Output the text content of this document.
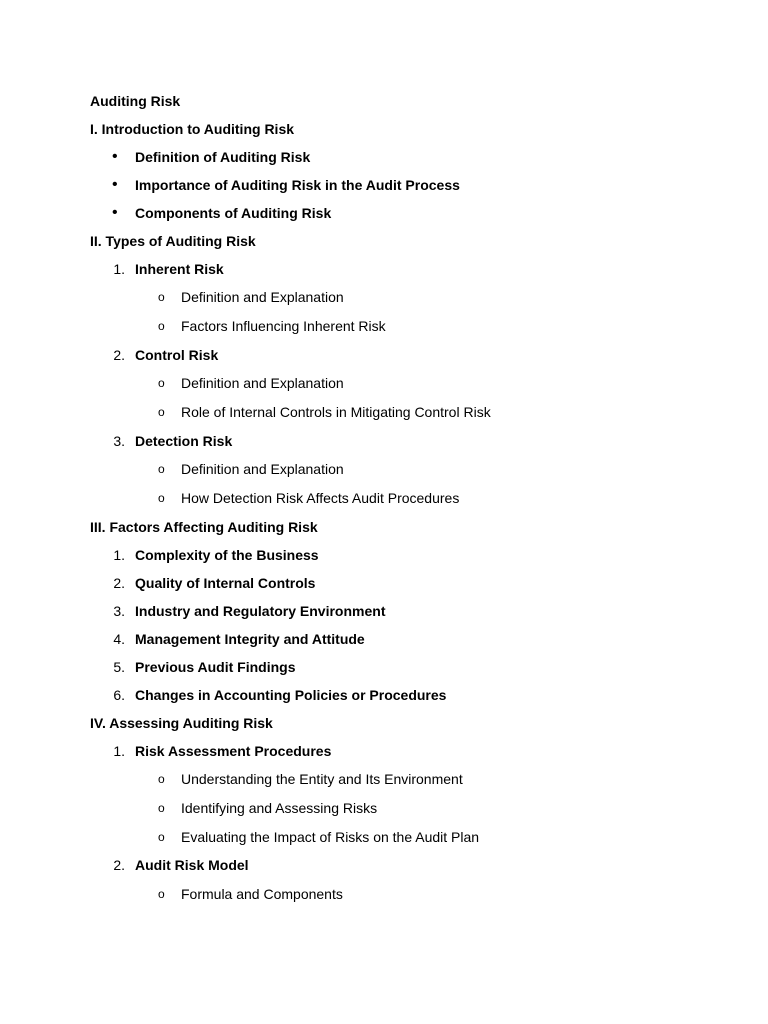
Auditing Risk
I. Introduction to Auditing Risk
• Definition of Auditing Risk
• Importance of Auditing Risk in the Audit Process
• Components of Auditing Risk
II. Types of Auditing Risk
1. Inherent Risk
o Definition and Explanation
o Factors Influencing Inherent Risk
2. Control Risk
o Definition and Explanation
o Role of Internal Controls in Mitigating Control Risk
3. Detection Risk
o Definition and Explanation
o How Detection Risk Affects Audit Procedures
III. Factors Affecting Auditing Risk
1. Complexity of the Business
2. Quality of Internal Controls
3. Industry and Regulatory Environment
4. Management Integrity and Attitude
5. Previous Audit Findings
6. Changes in Accounting Policies or Procedures
IV. Assessing Auditing Risk
1. Risk Assessment Procedures
o Understanding the Entity and Its Environment
o Identifying and Assessing Risks
o Evaluating the Impact of Risks on the Audit Plan
2. Audit Risk Model
o Formula and Components
